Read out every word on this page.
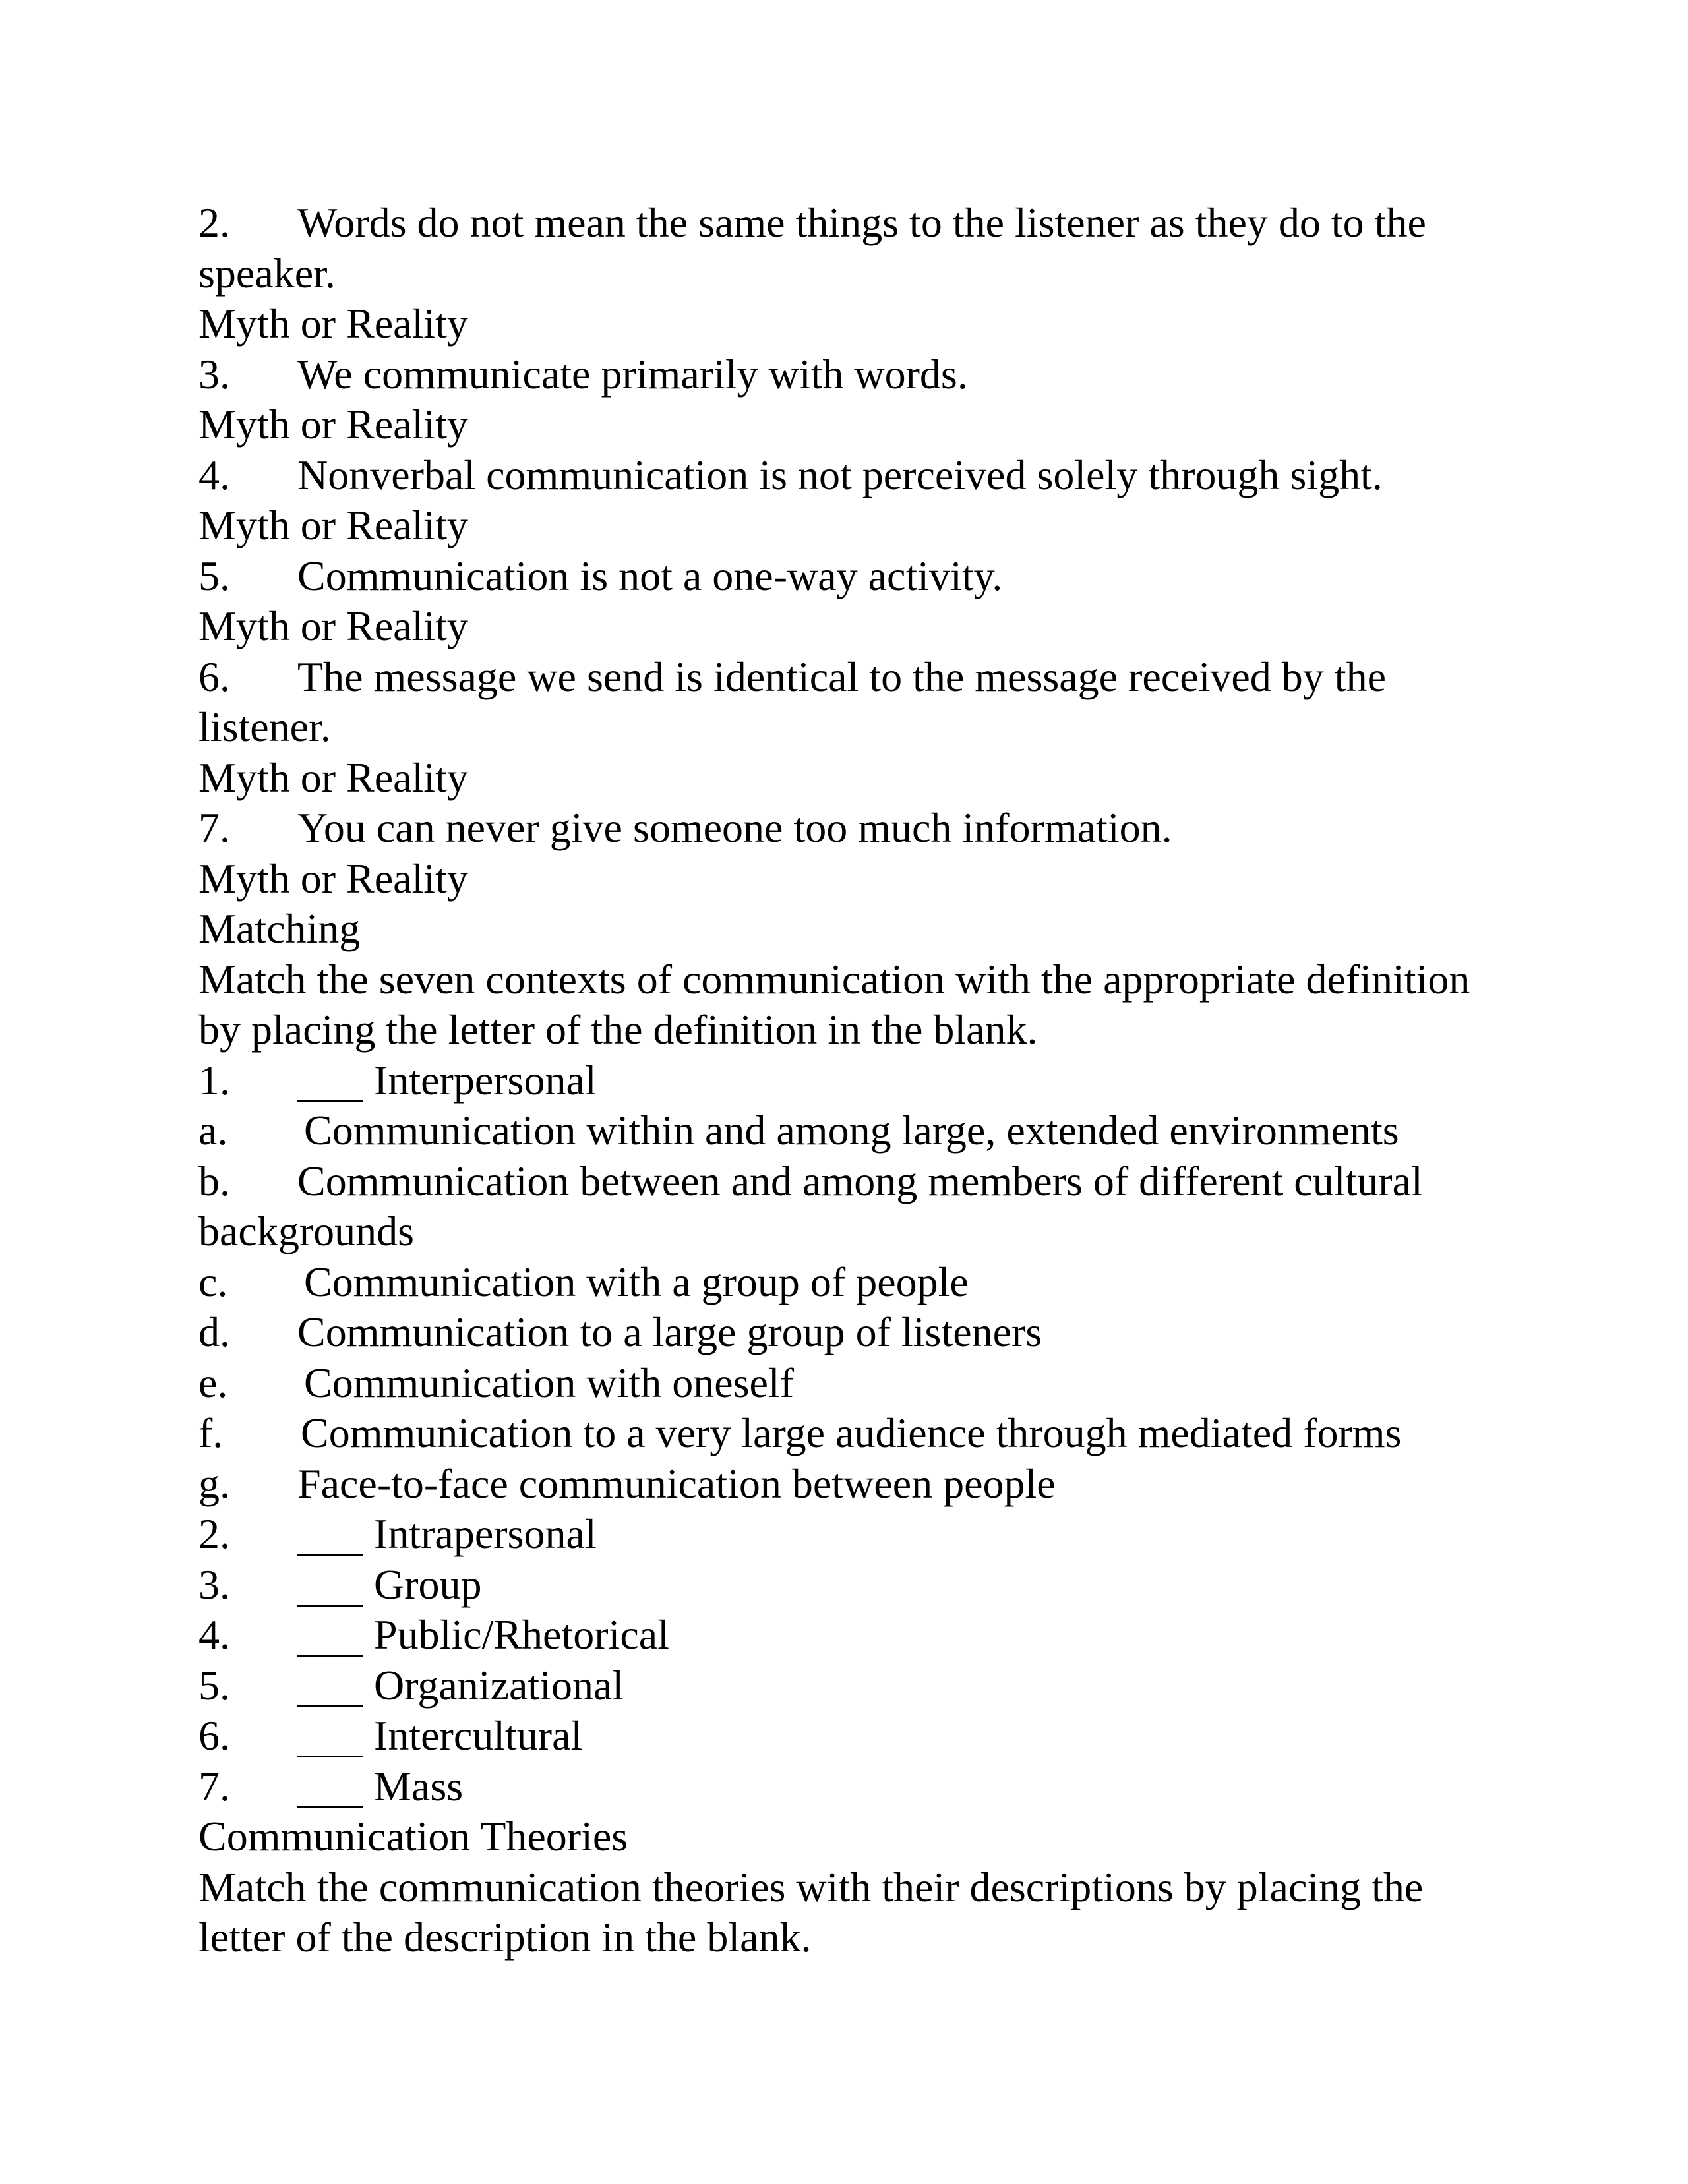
2. Words do not mean the same things to the listener as they do to the speaker.
Myth or Reality
3. We communicate primarily with words.
Myth or Reality
4. Nonverbal communication is not perceived solely through sight.
Myth or Reality
5. Communication is not a one-way activity.
Myth or Reality
6. The message we send is identical to the message received by the listener.
Myth or Reality
7. You can never give someone too much information.
Myth or Reality
Matching
Match the seven contexts of communication with the appropriate definition by placing the letter of the definition in the blank.
1.	Interpersonal
a. Communication within and among large, extended environments
b. Communication between and among members of different cultural backgrounds
c. Communication with a group of people
d. Communication to a large group of listeners
e. Communication with oneself
f. Communication to a very large audience through mediated forms
g. Face-to-face communication between people
2.	Intrapersonal
3.	Group
4.	Public/Rhetorical
5.	Organizational
6.	Intercultural
7.	Mass
Communication Theories
Match the communication theories with their descriptions by placing the letter of the description in the blank.
